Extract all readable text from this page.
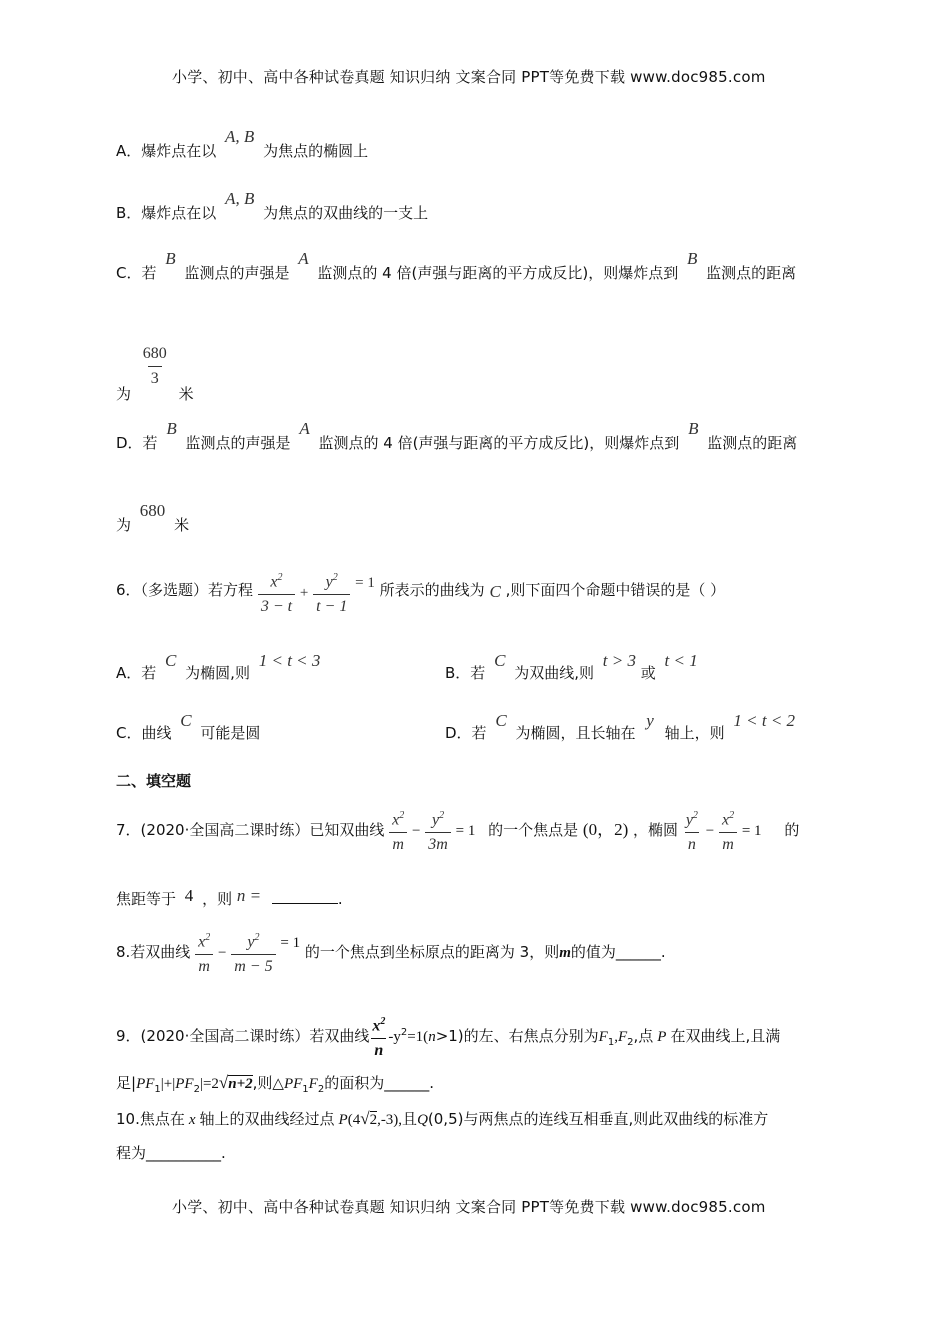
小学、初中、高中各种试卷真题 知识归纳 文案合同 PPT等免费下载 www.doc985.com
A．爆炸点在以 A, B 为焦点的椭圆上
B．爆炸点在以 A, B 为焦点的双曲线的一支上
C．若 B 监测点的声强是 A 监测点的 4 倍(声强与距离的平方成反比)，则爆炸点到 B 监测点的距离
为
$\frac{680}{3}$
米
D．若 B 监测点的声强是 A 监测点的 4 倍(声强与距离的平方成反比)，则爆炸点到 B 监测点的距离
为 680 米
6．（多选题）若方程 $\frac{x^2}{3 - t} + \frac{y^2}{t - 1} = 1$ 所表示的曲线为 C ,则下面四个命题中错误的是（ ）
A．若 C 为椭圆,则 1 < t < 3
B．若 C 为双曲线,则 t > 3 或 t < 1
C．曲线 C 可能是圆	D．若 C 为椭圆，且长轴在 y 轴上，则 1 < t < 2
二、填空题
7．(2020·全国高二课时练）已知双曲线 $\frac{x^2}{m} - \frac{y^2}{3m} = 1$ 的一个焦点是 (0，2) ，椭圆 $\frac{y^2}{n} - \frac{x^2}{m} = 1$ 的
焦距等于 4 ，则 n =	.
8.若双曲线 $\frac{x^2}{m} - \frac{y^2}{m - 5} = 1$ 的一个焦点到坐标原点的距离为 3，则m的值为______.
9．(2020·全国高二课时练）若双曲线 $\frac{x^2}{n} -y^2=1(n>1)$的左、右焦点分别为$F_1,F_2$,点 P 在双曲线上,且满
足$|PF_1|+|PF_2|=2√n+2$,则$\triangle PF_1F_2$的面积为______.
10.焦点在 x 轴上的双曲线经过点 P(4√2,-3),且Q(0,5)与两焦点的连线互相垂直,则此双曲线的标准方
程为__________.
小学、初中、高中各种试卷真题 知识归纳 文案合同 PPT等免费下载 www.doc985.com
